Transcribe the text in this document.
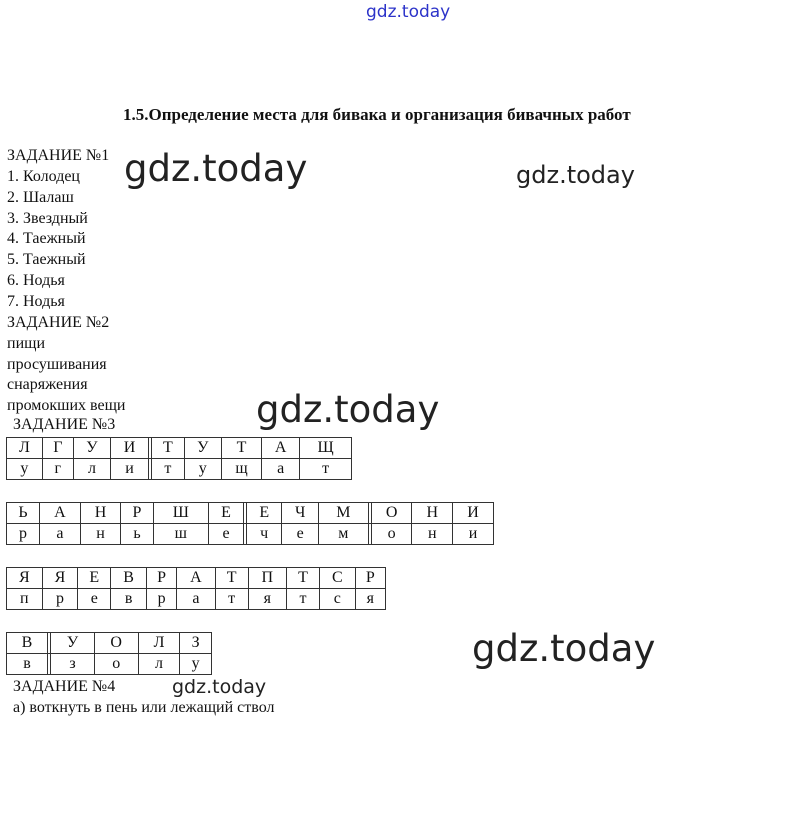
gdz.today
1.5.Определение места для бивака и организация бивачных работ
ЗАДАНИЕ №1
1. Колодец
2. Шалаш
3. Звездный
4. Таежный
5. Таежный
6. Нодья
7. Нодья
ЗАДАНИЕ №2
пищи
просушивания
снаряжения
промокших вещи
ЗАДАНИЕ №3
Л	Г	У	И		Т	У	Т	А	Щ
у	г	л	и		т	у	щ	а	т
Ь	А	Н	Р	Ш	Е		Е	Ч	М		О	Н	И
р	а	н	ь	ш	е		ч	е	м		о	н	и
Я	Я	Е	В	Р	А	Т	П	Т	С	Р
п	р	е	в	р	а	т	я	т	с	я
В		У	О	Л	З
в		з	о	л	у
ЗАДАНИЕ №4
а) воткнуть в пень или лежащий ствол
gdz.today	gdz.today
gdz.today
gdz.today
gdz.today
